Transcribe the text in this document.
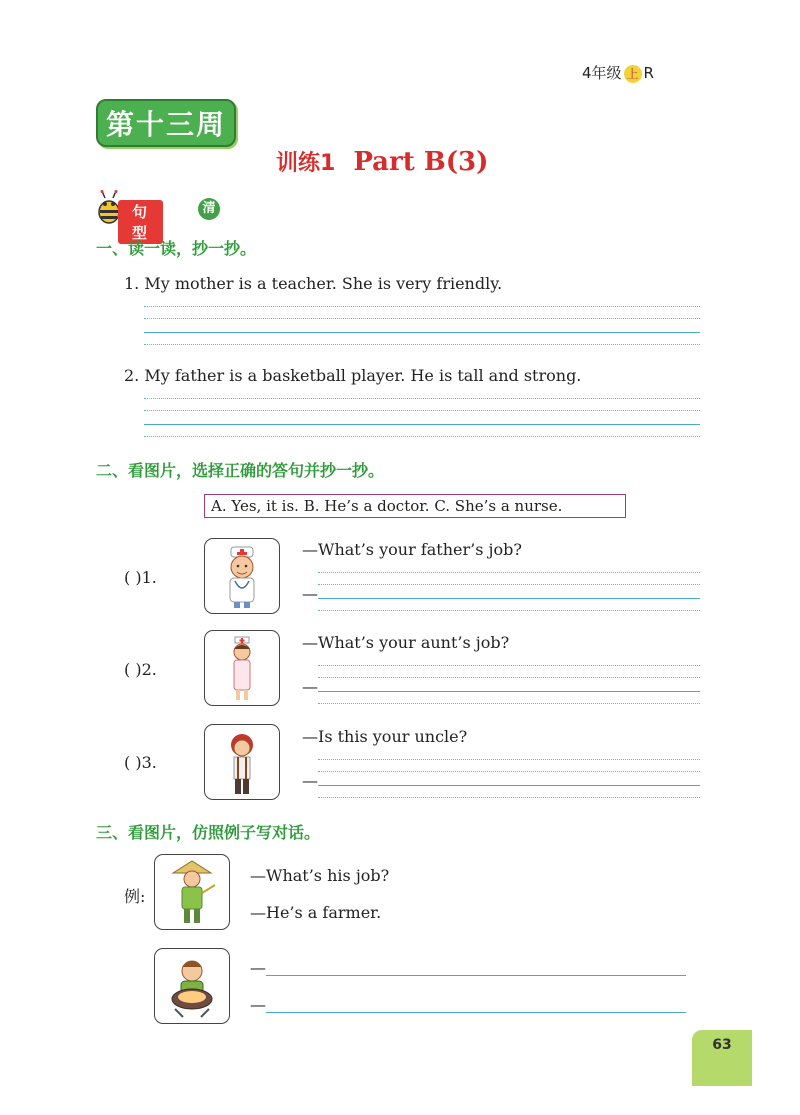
4年级 上 R
第十三周
训练1 Part B(3)
句型
清
一、读一读，抄一抄。
1. My mother is a teacher. She is very friendly.
2. My father is a basketball player. He is tall and strong.
二、看图片，选择正确的答句并抄一抄。
A. Yes, it is. B. He’s a doctor. C. She’s a nurse.
( )1.
—What’s your father’s job?
—
( )2.
—What’s your aunt’s job?
—
( )3.
—Is this your uncle?
—
三、看图片，仿照例子写对话。
例:
—What’s his job?
—He’s a farmer.
—
—
63
